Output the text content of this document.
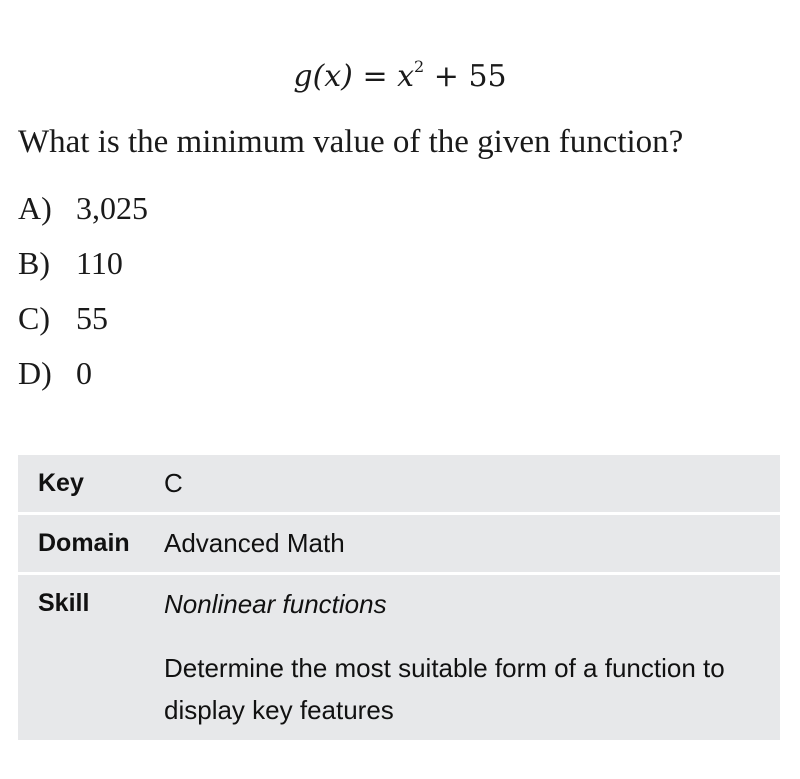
$g(x) = x^2 + 55$
What is the minimum value of the given function?
A) 3,025
B) 110
C) 55
D) 0
Key	C
Domain	Advanced Math
Skill	Nonlinear functions
Determine the most suitable form of a function to display key features
